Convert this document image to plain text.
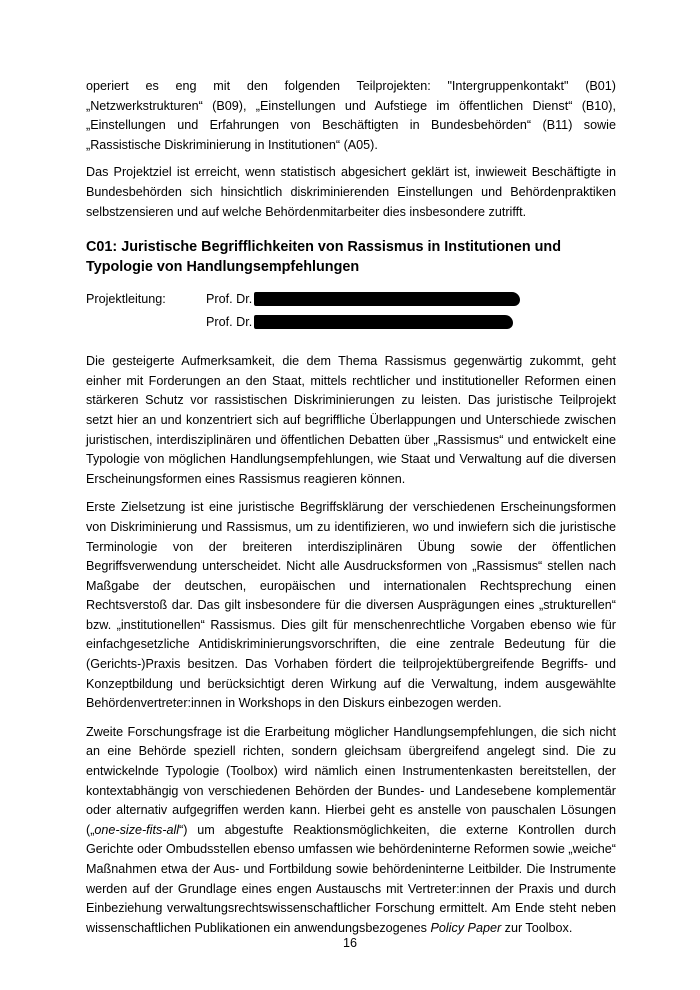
operiert es eng mit den folgenden Teilprojekten: "Intergruppenkontakt" (B01) „Netzwerkstrukturen“ (B09), „Einstellungen und Aufstiege im öffentlichen Dienst“ (B10), „Einstellungen und Erfahrungen von Beschäftigten in Bundesbehörden“ (B11) sowie „Rassistische Diskriminierung in Institutionen“ (A05).

Das Projektziel ist erreicht, wenn statistisch abgesichert geklärt ist, inwieweit Beschäftigte in Bundesbehörden sich hinsichtlich diskriminierenden Einstellungen und Behördenpraktiken selbstzensieren und auf welche Behördenmitarbeiter dies insbesondere zutrifft.

C01: Juristische Begrifflichkeiten von Rassismus in Institutionen und Typologie von Handlungsempfehlungen
Projektleitung:	Prof. Dr.
Prof. Dr.

Die gesteigerte Aufmerksamkeit, die dem Thema Rassismus gegenwärtig zukommt, geht einher mit Forderungen an den Staat, mittels rechtlicher und institutioneller Reformen einen stärkeren Schutz vor rassistischen Diskriminierungen zu leisten. Das juristische Teilprojekt setzt hier an und konzentriert sich auf begriffliche Überlappungen und Unterschiede zwischen juristischen, interdisziplinären und öffentlichen Debatten über „Rassismus“ und entwickelt eine Typologie von möglichen Handlungsempfehlungen, wie Staat und Verwaltung auf die diversen Erscheinungsformen eines Rassismus reagieren können.

Erste Zielsetzung ist eine juristische Begriffsklärung der verschiedenen Erscheinungsformen von Diskriminierung und Rassismus, um zu identifizieren, wo und inwiefern sich die juristische Terminologie von der breiteren interdisziplinären Übung sowie der öffentlichen Begriffsverwendung unterscheidet. Nicht alle Ausdrucksformen von „Rassismus“ stellen nach Maßgabe der deutschen, europäischen und internationalen Rechtsprechung einen Rechtsverstoß dar. Das gilt insbesondere für die diversen Ausprägungen eines „strukturellen“ bzw. „institutionellen“ Rassismus. Dies gilt für menschenrechtliche Vorgaben ebenso wie für einfachgesetzliche Antidiskriminierungsvorschriften, die eine zentrale Bedeutung für die (Gerichts-)Praxis besitzen. Das Vorhaben fördert die teilprojektübergreifende Begriffs- und Konzeptbildung und berücksichtigt deren Wirkung auf die Verwaltung, indem ausgewählte Behördenvertreter:innen in Workshops in den Diskurs einbezogen werden.

Zweite Forschungsfrage ist die Erarbeitung möglicher Handlungsempfehlungen, die sich nicht an eine Behörde speziell richten, sondern gleichsam übergreifend angelegt sind. Die zu entwickelnde Typologie (Toolbox) wird nämlich einen Instrumentenkasten bereitstellen, der kontextabhängig von verschiedenen Behörden der Bundes- und Landesebene komplementär oder alternativ aufgegriffen werden kann. Hierbei geht es anstelle von pauschalen Lösungen („one-size-fits-all“) um abgestufte Reaktionsmöglichkeiten, die externe Kontrollen durch Gerichte oder Ombudsstellen ebenso umfassen wie behördeninterne Reformen sowie „weiche“ Maßnahmen etwa der Aus- und Fortbildung sowie behördeninterne Leitbilder. Die Instrumente werden auf der Grundlage eines engen Austauschs mit Vertreter:innen der Praxis und durch Einbeziehung verwaltungsrechtswissenschaftlicher Forschung ermittelt. Am Ende steht neben wissenschaftlichen Publikationen ein anwendungsbezogenes Policy Paper zur Toolbox.

16
